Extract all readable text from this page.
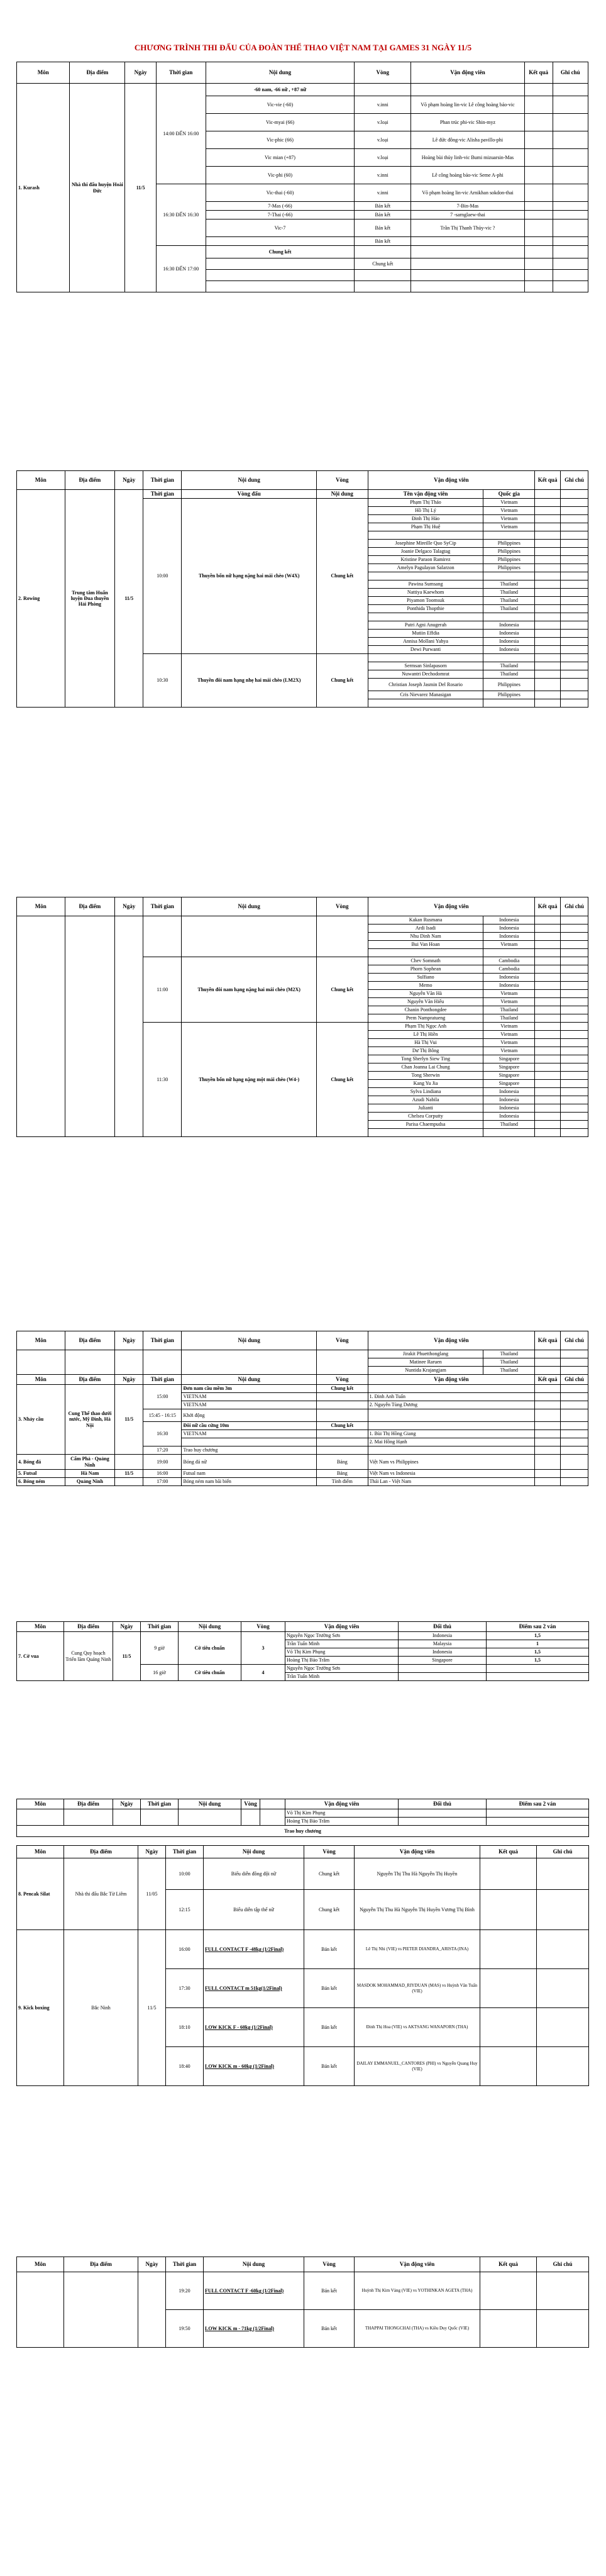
CHƯƠNG TRÌNH THI ĐẤU CỦA ĐOÀN THỂ THAO VIỆT NAM TẠI GAMES 31 NGÀY 11/5
Môn	Địa điểm	Ngày	Thời gian	Nội dung	Vòng	Vận động viên	Kết quả	Ghi chú
1. Kurash	Nhà thi đấu huyện Hoài Đức	11/5	14:00 ĐẾN 16:00	-60 nam, -66 nữ , +87 nữ				
				Vic-vie (-60)	v.inni	Võ phạm hoàng lin-vic Lê công hoàng bảo-vic		
				Vic-myai (66)	v.loại	Phan trúc phi-vic Shin-myz		
				Vic-phic (66)	v.loại	Lê đức đông-vic Alisha pavillo-phi		
				Vic mian (+87)	v.loại	Hoàng bùi thủy linh-vic Bumi mizuarsin-Mas		
				Vic-phi (60)	v.inni	Lê công hoàng bảo-vic Seme A-phi		
			16:30 ĐẾN 16:30	Vic-thai (-60)	v.inni	Võ phạm hoàng lin-vic Arnikhan sokdon-thai		
				7-Mas (-66)	Bán kết	7-Bin-Mas		
				7-Thai (-66)	Bán kết	7 -sarnglaew-thai		
				Vic-7	Bán kết	Trần Thị Thanh Thủy-vic ?		
					Bán kết			
			16:30 ĐẾN 17:00	Chung kết				
					Chung kết			

Môn	Địa điểm	Ngày	Thời gian	Nội dung	Vòng	Vận động viên		Kết quả	Ghi chú
2. Rowing	Trung tâm Huấn luyện Đua thuyền Hải Phòng	11/5	Thời gian	Vòng đấu	Nội dung	Tên vận động viên	Quốc gia		
			10:00	Thuyền bốn nữ hạng nặng hai mái chèo (W4X)	Chung kết	Phạm Thị Thảo	Vietnam		
						Hồ Thị Lý	Vietnam		
						Đinh Thị Hảo	Vietnam		
						Phạm Thị Huệ	Vietnam		

						Josephine Mireille Quo SyCip	Philippines		
						Joanie Delgaco Talagtag	Philippines		
						Kristine Paraon Ramirez	Philippines		
						Amelyn Pagulayan Salarzon	Philippines		

						Pawina Sumsang	Thailand		
						Nattiya Kaewhom	Thailand		
						Piyamon Toomsuk	Thailand		
						Ponthida Thopthie	Thailand		

						Putri Agni Anugerah	Indonesia		
						Mutiin Effdia	Indonesia		
						Annisa Mollani Yahya	Indonesia		
						Dewi Purwanti	Indonesia		
			10:30	Thuyền đôi nam hạng nhẹ hai mái chèo (LM2X)	Chung kết				
						Sermsan Sinlapasorn	Thailand		
						Nuwantri Dechodomrat	Thailand		
						Christian Joseph Jasmin Del Rosario	Philippines		
						Cris Nievarez Manasigan	Philippines		

Môn	Địa điểm	Ngày	Thời gian	Nội dung	Vòng	Vận động viên		Kết quả	Ghi chú
						Kakan Rusmana	Indonesia		
						Ardi Isadi	Indonesia		
						Nhu Dinh Nam	Indonesia		
						Bui Van Hoan	Vietnam		

			11:00	Thuyền đôi nam hạng nặng hai mái chèo (M2X)	Chung kết	Chev Somnath	Cambodia		
						Phorn Sophean	Cambodia		
						Sulfiano	Indonesia		
						Memo	Indonesia		
						Nguyễn Văn Hà	Vietnam		
						Nguyễn Văn Hiếu	Vietnam		
						Chanin Ponthongdee	Thailand		
						Prem Nampratueng	Thailand		
			11:30	Thuyền bốn nữ hạng nặng một mái chèo (W4-)	Chung kết	Phạm Thị Ngọc Anh	Vietnam		
						Lê Thị Hiền	Vietnam		
						Hà Thị Vui	Vietnam		
						Dư Thị Bông	Vietnam		
						Tong Sherlyn Siew Ting	Singapore		
						Chan Joanna Lai Chung	Singapore		
						Tong Sherwin	Singapore		
						Kang Yu Jia	Singapore		
						Sylva Lindiana	Indonesia		
						Azudi Nabila	Indonesia		
						Julianti	Indonesia		
						Chelsea Corputty	Indonesia		
						Parisa Chaempudsa	Thailand		

Môn	Địa điểm	Ngày	Thời gian	Nội dung	Vòng	Vận động viên		Kết quả	Ghi chú
						Jirakit Phuetthonglang	Thailand		
						Matinee Raruen	Thailand		
						Nuntida Krajangjam	Thailand		
Môn	Địa điểm	Ngày	Thời gian	Nội dung	Vòng	Vận động viên		Kết quả	Ghi chú
3. Nhảy cầu	Cung Thể thao dưới nước, Mỹ Đình, Hà Nội	11/5	15:00	Đơn nam cầu mềm 3m	Chung kết				
				VIETNAM		1. Đinh Anh Tuấn			
				VIETNAM		2. Nguyễn Tùng Dương			
			15:45 - 16:15	Khởi động					
			16:30	Đôi nữ cầu cứng 10m	Chung kết				
				VIETNAM		1. Bùi Thị Hồng Giang			
						2. Mai Hồng Hạnh			
			17:20	Trao huy chương					
4. Bóng đá	Cẩm Phả - Quảng Ninh		19:00	Bóng đá nữ	Bảng	Việt Nam vs Philippines			
5. Futsal	Hà Nam	11/5	16:00	Futsal nam	Bảng	Việt Nam vs Indonesia			
6. Bóng ném	Quảng Ninh		17:00	Bóng ném nam bãi biển	Tính điểm	Thái Lan - Việt Nam			
Môn	Địa điểm	Ngày	Thời gian	Nội dung	Vòng	Vận động viên	Đối thủ	Điểm sau 2 ván
7. Cờ vua	Cung Quy hoạch Triển lãm Quảng Ninh	11/5	9 giờ	Cờ tiêu chuẩn	3	Nguyễn Ngọc Trường Sơn	Indonesia	1,5
						Trần Tuấn Minh	Malaysia	1
						Võ Thị Kim Phụng	Indonesia	1,5
						Hoàng Thị Bảo Trâm	Singapore	1,5
			16 giờ	Cờ tiêu chuẩn	4	Nguyễn Ngọc Trường Sơn		
						Trần Tuấn Minh		
Môn	Địa điểm	Ngày	Thời gian	Nội dung	Vòng		Vận động viên	Đối thủ	Điểm sau 2 ván
							Võ Thị Kim Phụng		
							Hoàng Thị Bảo Trâm		
Trao huy chương									
Môn	Địa điểm	Ngày	Thời gian	Nội dung	Vòng	Vận động viên	Kết quả	Ghi chú
8. Pencak Silat	Nhà thi đấu Bắc Từ Liêm	11/05	10:00	Biểu diễn đồng đội nữ	Chung kết	Nguyễn Thị Thu Hà Nguyễn Thị Huyền		
			12:15	Biểu diễn tập thể nữ	Chung kết	Nguyễn Thị Thu Hà Nguyễn Thị Huyền Vương Thị Bình		
9. Kick boxing	Bắc Ninh	11/5	16:00	FULL CONTACT F -48kg (1/2Final)	Bán kết	Lê Thị Nhi (VIE) vs PIETER DIANDRA_ARISTA (INA)		
			17:30	FULL CONTACT m 51kg(1/2Final)	Bán kết	MASDOK MOHAMMAD_RIYDUAN (MAS) vs Huỳnh Văn Tuấn (VIE)		
			18:10	LOW KICK F - 60kg (1/2Final)	Bán kết	Đinh Thị Hoa (VIE) vs AKTSANG WANAPORN (THA)		
			18:40	LOW KICK m - 60kg (1/2Final)	Bán kết	DAILAY EMMANUEL_CANTORES (PHI) vs Nguyễn Quang Huy (VIE)		
Môn	Địa điểm	Ngày	Thời gian	Nội dung	Vòng	Vận động viên	Kết quả	Ghi chú
			19:20	FULL CONTACT F -60kg (1/2Final)	Bán kết	Huỳnh Thị Kim Vàng (VIE) vs YOTHINKAN AGETA (THA)		
			19:50	LOW KICK m - 71kg (1/2Final)	Bán kết	THAPPAI THONGCHAI (THA) vs Kiều Duy Quốc (VIE)		
